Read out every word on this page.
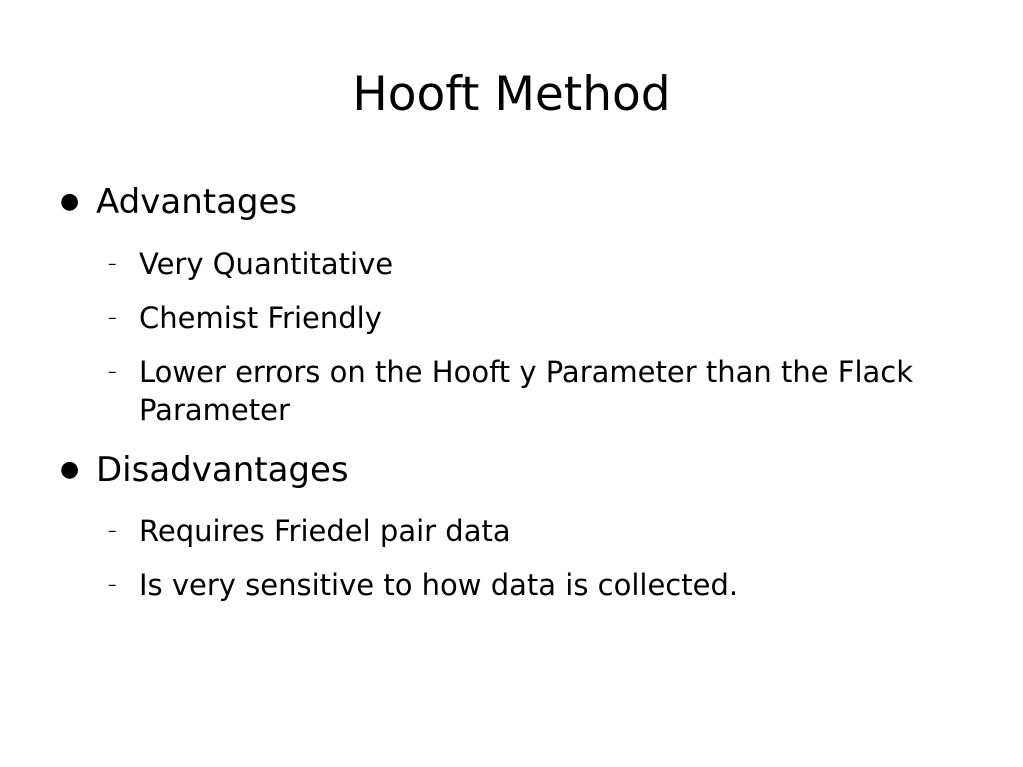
Hooft Method
● Advantages
– Very Quantitative
– Chemist Friendly
– Lower errors on the Hooft y Parameter than the Flack Parameter
● Disadvantages
– Requires Friedel pair data
– Is very sensitive to how data is collected.
